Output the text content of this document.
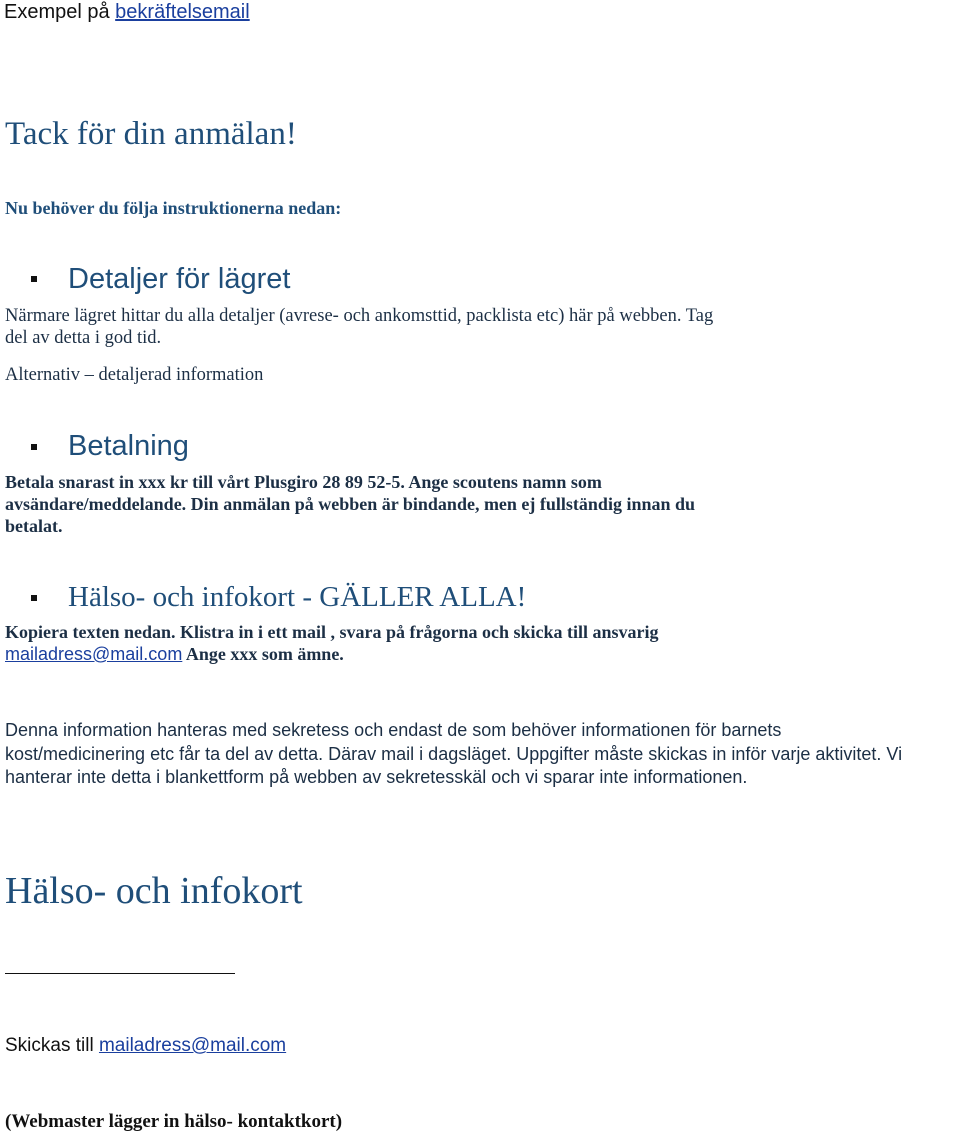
Exempel på bekräftelsemail
Tack för din anmälan!
Nu behöver du följa instruktionerna nedan:
Detaljer för lägret
Närmare lägret hittar du alla detaljer (avrese- och ankomsttid, packlista etc) här på webben. Tag
del av detta i god tid.
Alternativ – detaljerad information
Betalning
Betala snarast in xxx kr till vårt Plusgiro 28 89 52-5. Ange scoutens namn som
avsändare/meddelande. Din anmälan på webben är bindande, men ej fullständig innan du
betalat.
Hälso- och infokort - GÄLLER ALLA!
Kopiera texten nedan. Klistra in i ett mail , svara på frågorna och skicka till ansvarig
mailadress@mail.com Ange xxx som ämne.
Denna information hanteras med sekretess och endast de som behöver informationen för barnets
kost/medicinering etc får ta del av detta. Därav mail i dagsläget. Uppgifter måste skickas in inför varje aktivitet. Vi
hanterar inte detta i blankettform på webben av sekretesskäl och vi sparar inte informationen.
Hälso- och infokort
Skickas till mailadress@mail.com
(Webmaster lägger in hälso- kontaktkort)
